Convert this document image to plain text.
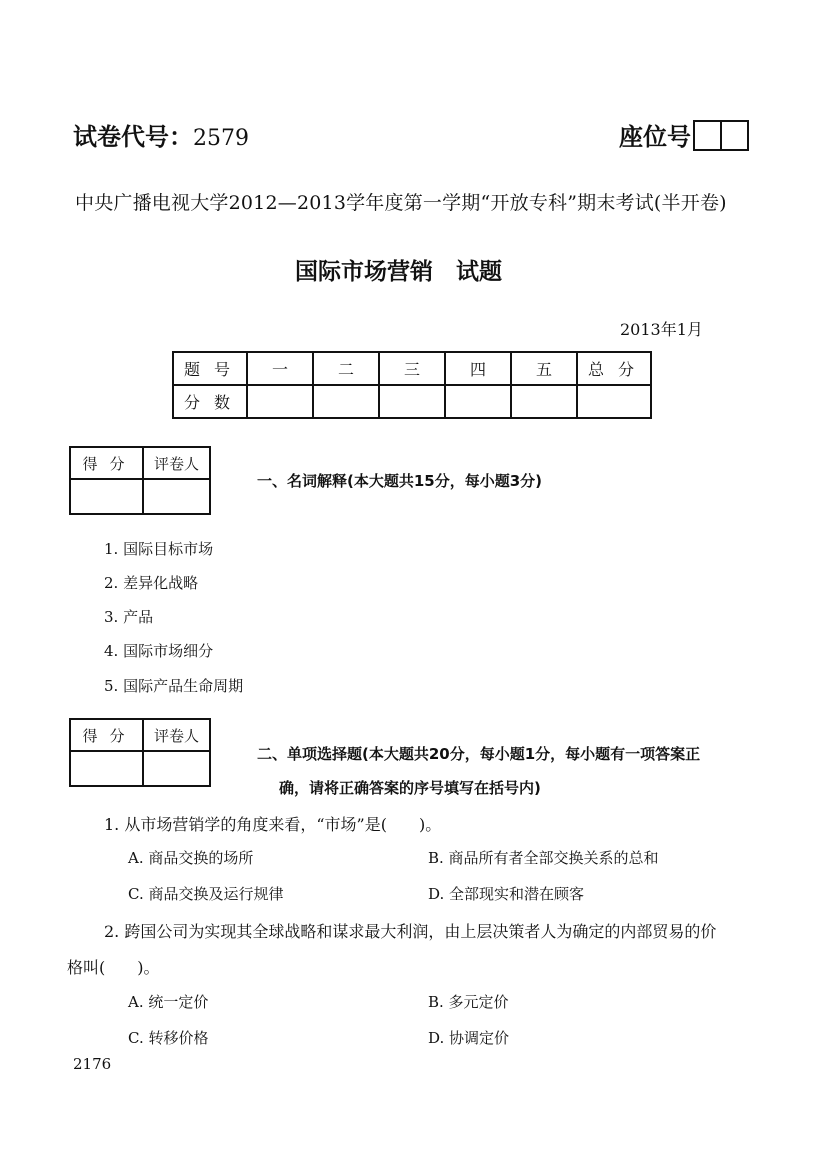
试卷代号：2579	座位号
中央广播电视大学2012—2013学年度第一学期“开放专科”期末考试(半开卷)
国际市场营销　试题
2013年1月
题号	一	二	三	四	五	总分
分数						
得分	评卷人

一、名词解释(本大题共15分，每小题3分)
1. 国际目标市场
2. 差异化战略
3. 产品
4. 国际市场细分
5. 国际产品生命周期
得分	评卷人

二、单项选择题(本大题共20分，每小题1分，每小题有一项答案正
确，请将正确答案的序号填写在括号内)
1. 从市场营销学的角度来看，“市场”是(　　)。
A. 商品交换的场所	B. 商品所有者全部交换关系的总和
C. 商品交换及运行规律	D. 全部现实和潜在顾客
2. 跨国公司为实现其全球战略和谋求最大利润，由上层决策者人为确定的内部贸易的价
格叫(　　)。
A. 统一定价	B. 多元定价
C. 转移价格	D. 协调定价
2176
